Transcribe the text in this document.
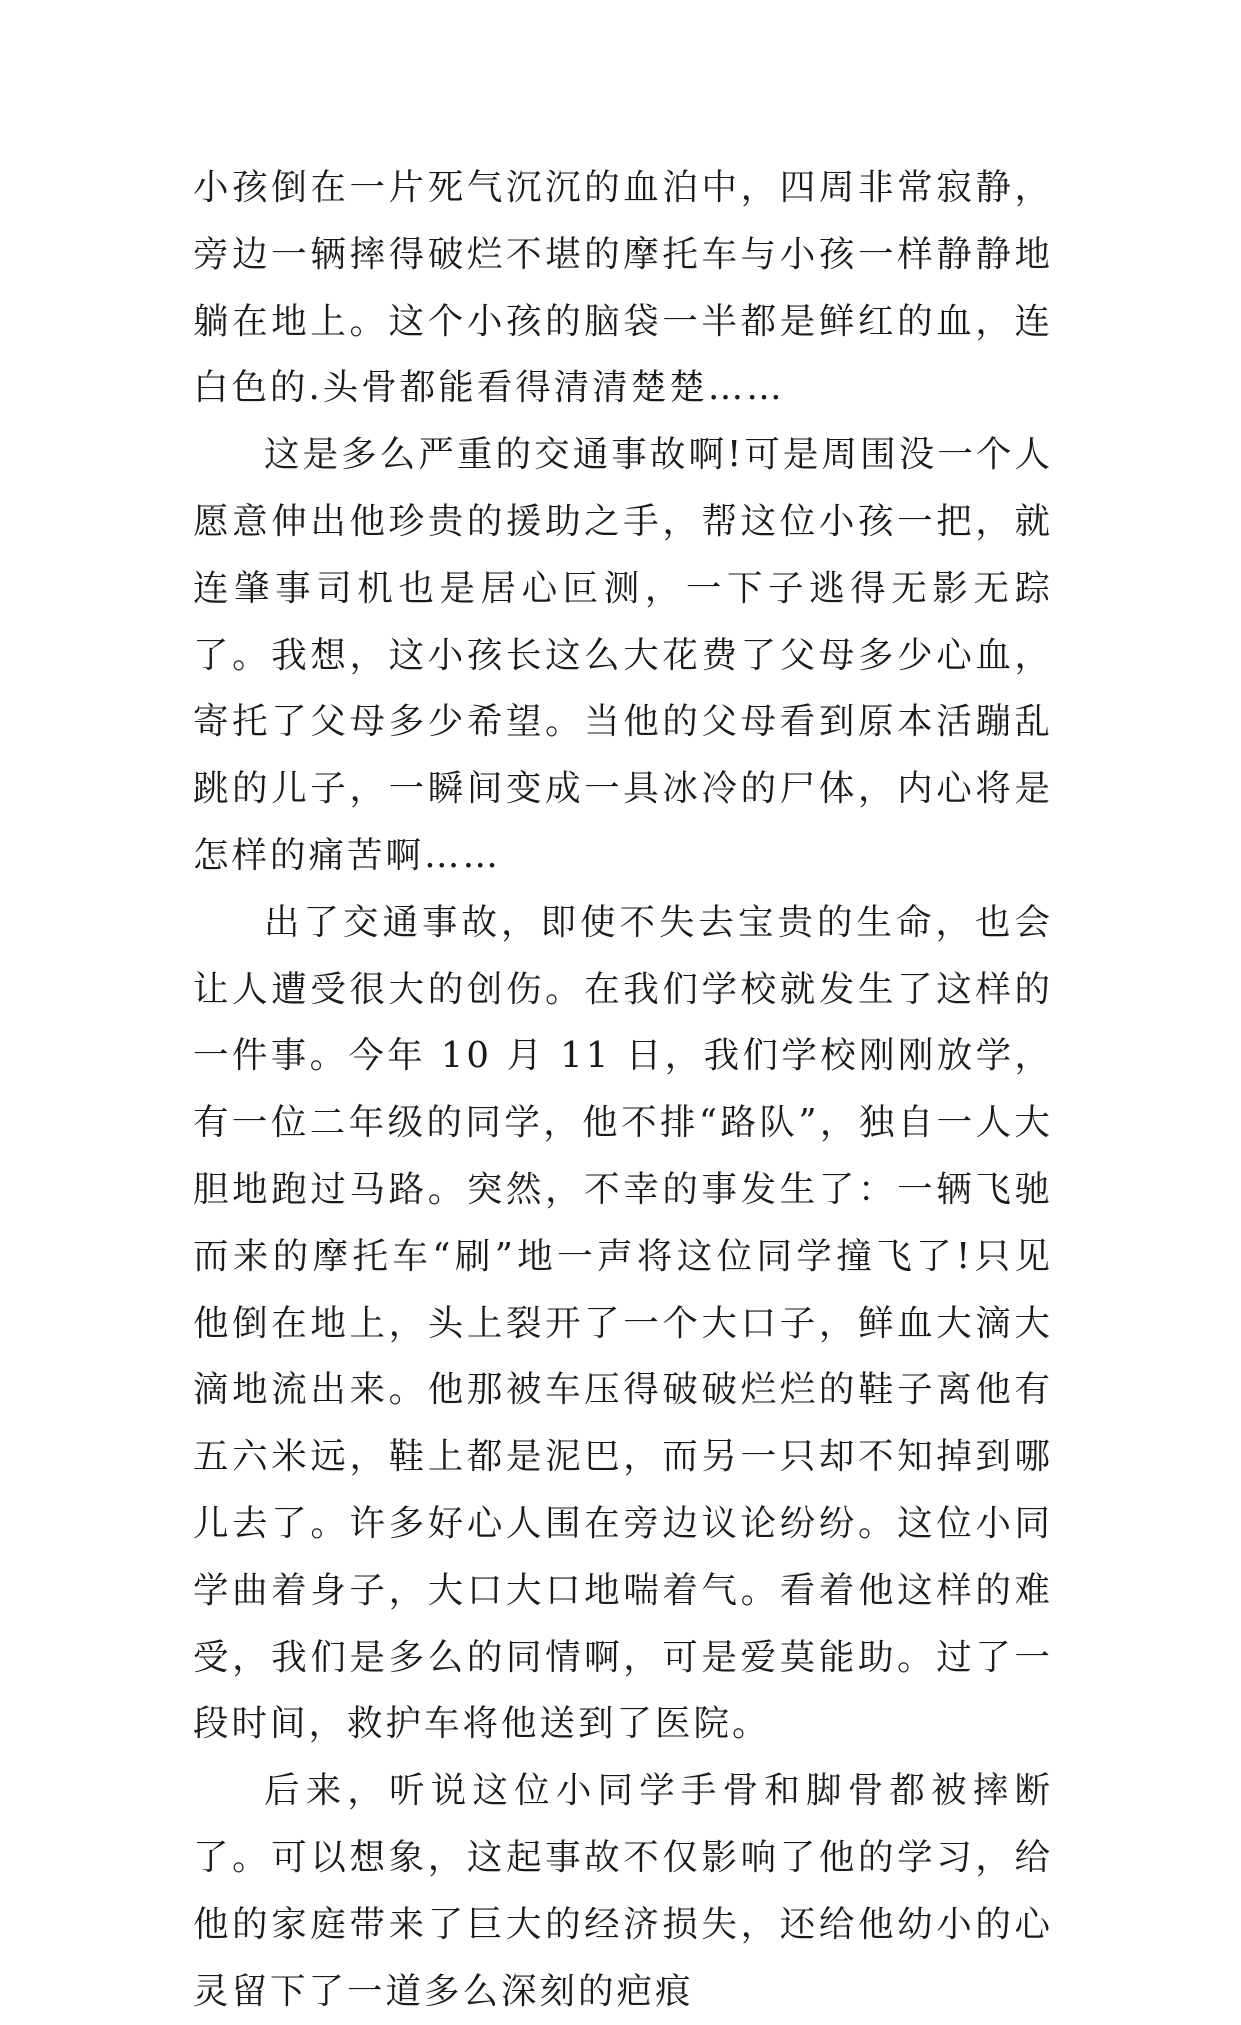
小孩倒在一片死气沉沉的血泊中，四周非常寂静，旁边一辆摔得破烂不堪的摩托车与小孩一样静静地躺在地上。这个小孩的脑袋一半都是鲜红的血，连白色的.头骨都能看得清清楚楚……

这是多么严重的交通事故啊!可是周围没一个人愿意伸出他珍贵的援助之手，帮这位小孩一把，就连肇事司机也是居心叵测，一下子逃得无影无踪了。我想，这小孩长这么大花费了父母多少心血，寄托了父母多少希望。当他的父母看到原本活蹦乱跳的儿子，一瞬间变成一具冰冷的尸体，内心将是怎样的痛苦啊……

出了交通事故，即使不失去宝贵的生命，也会让人遭受很大的创伤。在我们学校就发生了这样的一件事。今年 10 月 11 日，我们学校刚刚放学，有一位二年级的同学，他不排“路队”，独自一人大胆地跑过马路。突然，不幸的事发生了：一辆飞驰而来的摩托车“刷”地一声将这位同学撞飞了!只见他倒在地上，头上裂开了一个大口子，鲜血大滴大滴地流出来。他那被车压得破破烂烂的鞋子离他有五六米远，鞋上都是泥巴，而另一只却不知掉到哪儿去了。许多好心人围在旁边议论纷纷。这位小同学曲着身子，大口大口地喘着气。看着他这样的难受，我们是多么的同情啊，可是爱莫能助。过了一段时间，救护车将他送到了医院。

后来，听说这位小同学手骨和脚骨都被摔断了。可以想象，这起事故不仅影响了他的学习，给他的家庭带来了巨大的经济损失，还给他幼小的心灵留下了一道多么深刻的疤痕
